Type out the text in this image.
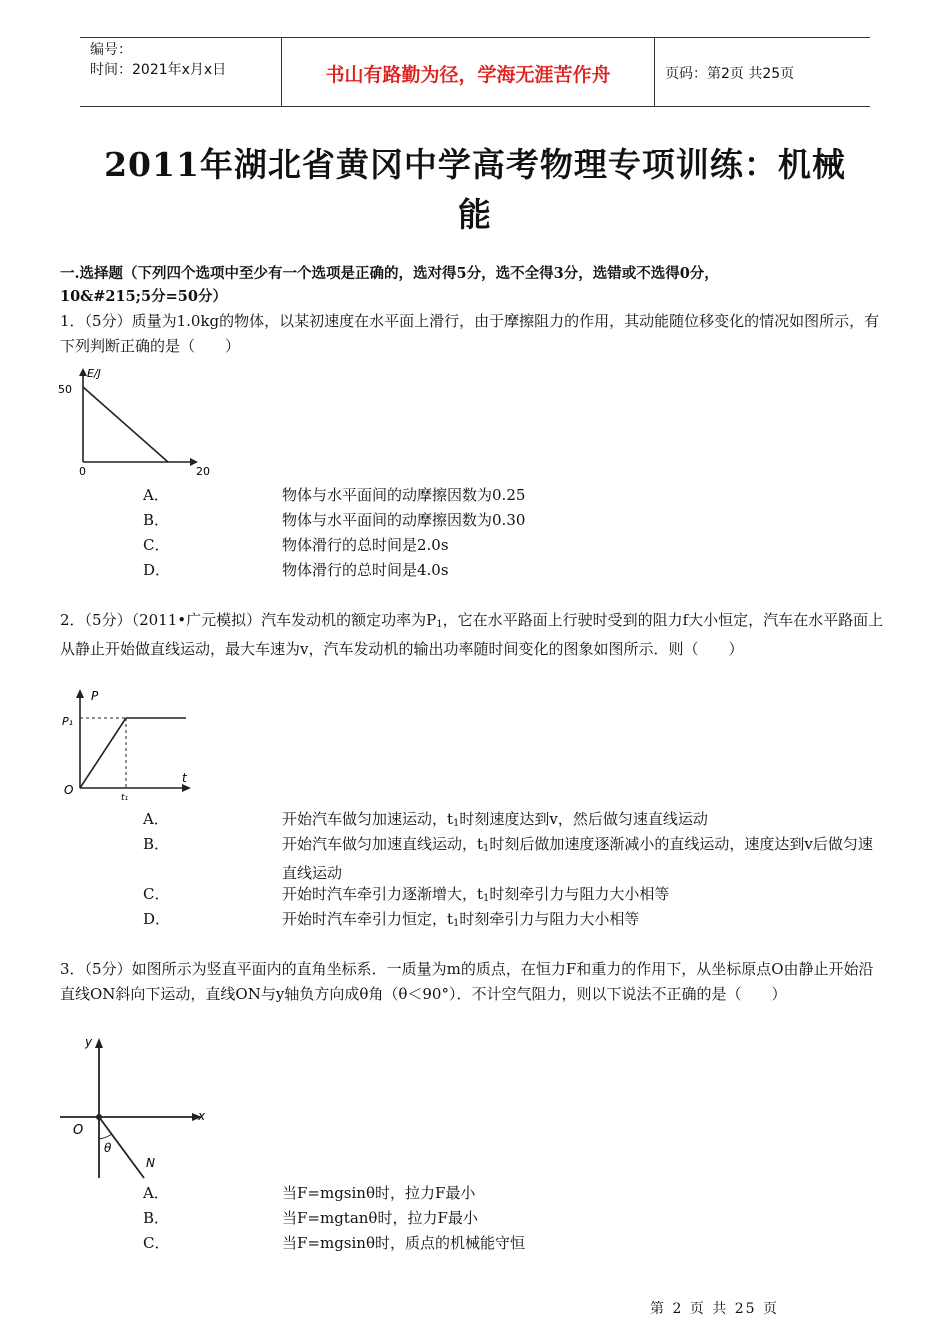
编号：
时间：2021年x月x日	书山有路勤为径，学海无涯苦作舟	页码：第2页 共25页
2011年湖北省黄冈中学高考物理专项训练：机械
能
一.选择题（下列四个选项中至少有一个选项是正确的，选对得5分，选不全得3分，选错或不选得0分，
10&#215;5分=50分）
1．（5分）质量为1.0kg的物体，以某初速度在水平面上滑行，由于摩擦阻力的作用，其动能随位移变化的情况如图所示，有下列判断正确的是（　　）
E/J
50
0	20
A．	物体与水平面间的动摩擦因数为0.25
B．	物体与水平面间的动摩擦因数为0.30
C．	物体滑行的总时间是2.0s
D．	物体滑行的总时间是4.0s
2．（5分）（2011•广元模拟）汽车发动机的额定功率为$P_1$，它在水平路面上行驶时受到的阻力f大小恒定，汽车在水平路面上从静止开始做直线运动，最大车速为v，汽车发动机的输出功率随时间变化的图象如图所示．则（　　）
P
P₁
O
t
t₁
A．	开始汽车做匀加速运动，$t_1$时刻速度达到v，然后做匀速直线运动
B．	开始汽车做匀加速直线运动，$t_1$时刻后做加速度逐渐减小的直线运动，速度达到v后做匀速直线运动
C．	开始时汽车牵引力逐渐增大，$t_1$时刻牵引力与阻力大小相等
D．	开始时汽车牵引力恒定，$t_1$时刻牵引力与阻力大小相等
3．（5分）如图所示为竖直平面内的直角坐标系．一质量为m的质点，在恒力F和重力的作用下，从坐标原点O由静止开始沿直线ON斜向下运动，直线ON与y轴负方向成θ角（θ＜90°）．不计空气阻力，则以下说法不正确的是（　　）
y
x
O
θ
N
A．	当F=mgsinθ时，拉力F最小
B．	当F=mgtanθ时，拉力F最小
C．	当F=mgsinθ时，质点的机械能守恒
第 2 页 共 25 页
